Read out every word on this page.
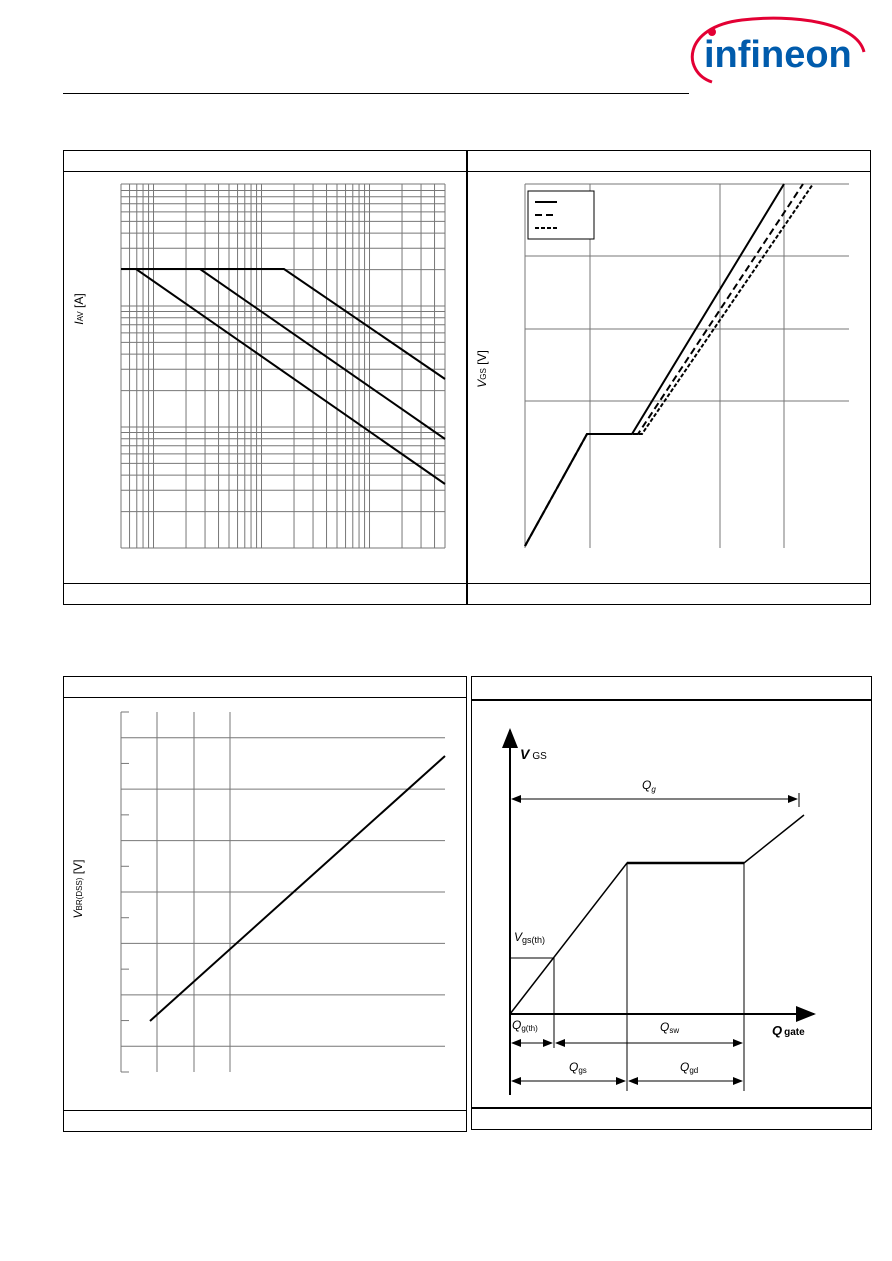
infineon
IAV [A]
VGS [V]
VBR(DSS) [V]
V GS
Q gate
$Q_g$
Vgs(th)
Qg(th)	Qsw
Qgs	Qgd
